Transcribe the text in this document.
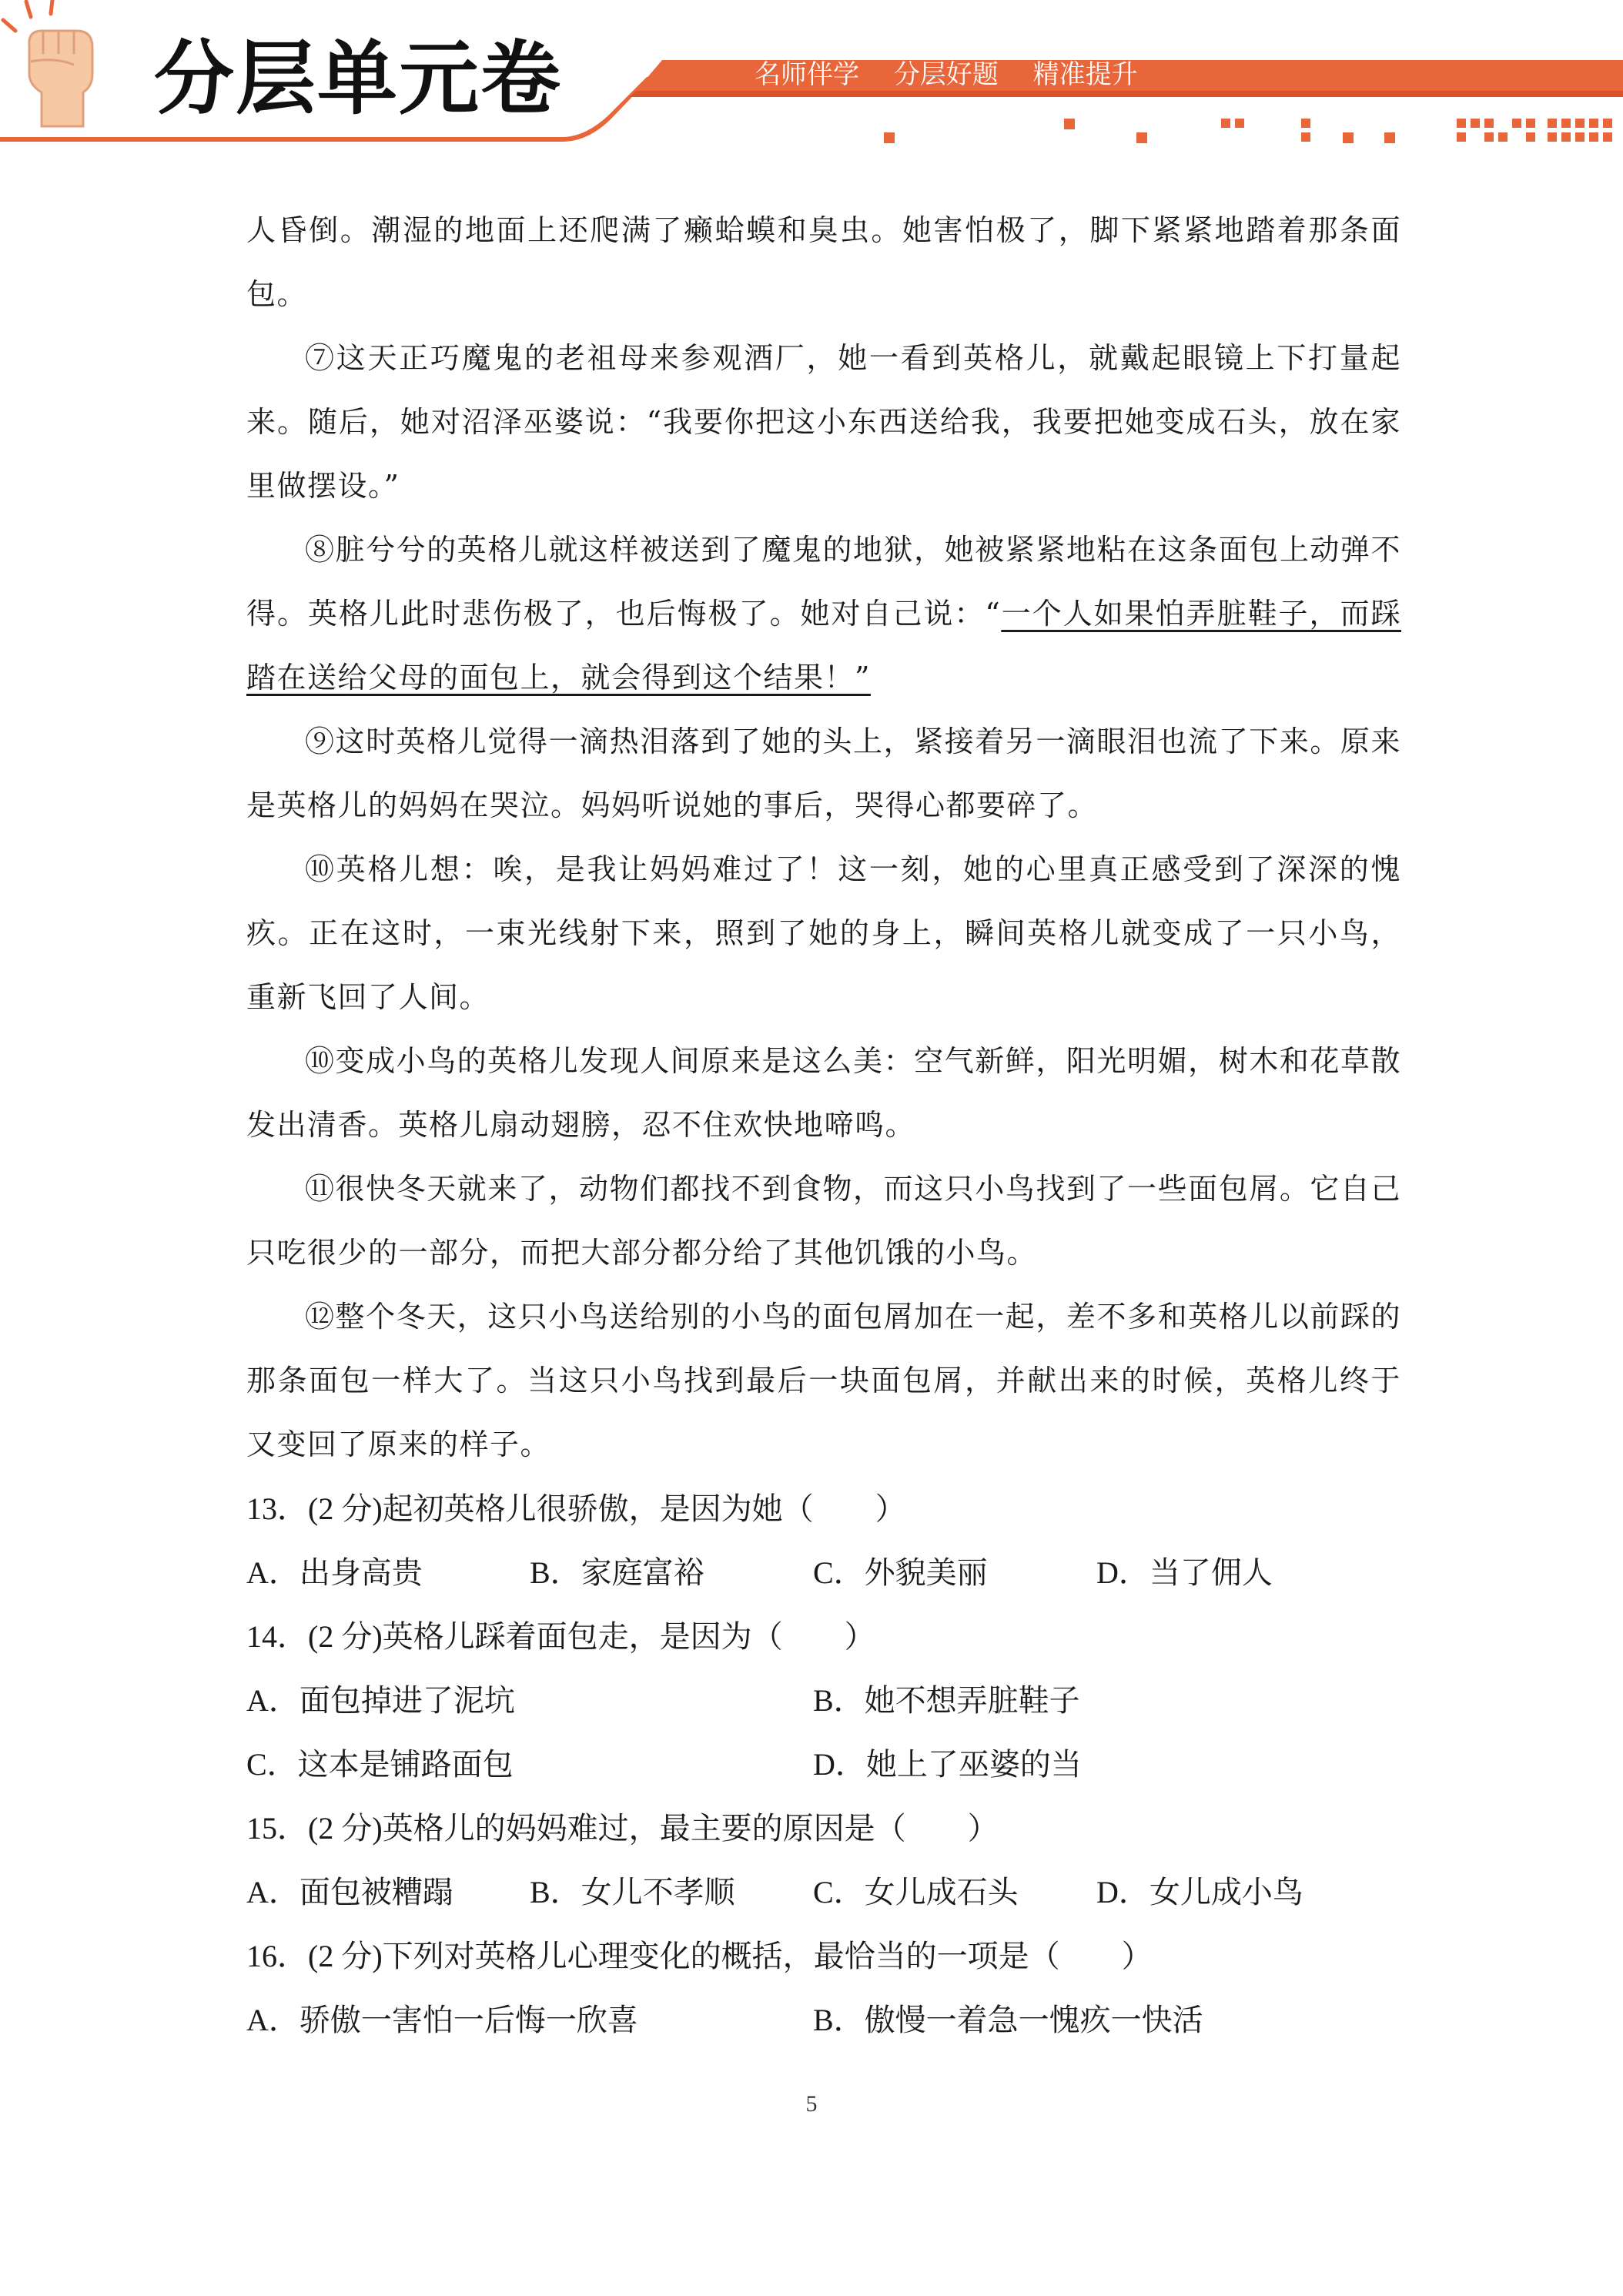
分层单元卷	名师伴学 分层好题 精准提升

人昏倒。潮湿的地面上还爬满了癞蛤蟆和臭虫。她害怕极了，脚下紧紧地踏着那条面包。

⑦这天正巧魔鬼的老祖母来参观酒厂，她一看到英格儿，就戴起眼镜上下打量起来。随后，她对沼泽巫婆说：“我要你把这小东西送给我，我要把她变成石头，放在家里做摆设。”

⑧脏兮兮的英格儿就这样被送到了魔鬼的地狱，她被紧紧地粘在这条面包上动弹不得。英格儿此时悲伤极了，也后悔极了。她对自己说：“一个人如果怕弄脏鞋子，而踩踏在送给父母的面包上，就会得到这个结果！”

⑨这时英格儿觉得一滴热泪落到了她的头上，紧接着另一滴眼泪也流了下来。原来是英格儿的妈妈在哭泣。妈妈听说她的事后，哭得心都要碎了。

⑩英格儿想：唉，是我让妈妈难过了！这一刻，她的心里真正感受到了深深的愧疚。正在这时，一束光线射下来，照到了她的身上，瞬间英格儿就变成了一只小鸟，重新飞回了人间。

⑩变成小鸟的英格儿发现人间原来是这么美：空气新鲜，阳光明媚，树木和花草散发出清香。英格儿扇动翅膀，忍不住欢快地啼鸣。

⑪很快冬天就来了，动物们都找不到食物，而这只小鸟找到了一些面包屑。它自己只吃很少的一部分，而把大部分都分给了其他饥饿的小鸟。

⑫整个冬天，这只小鸟送给别的小鸟的面包屑加在一起，差不多和英格儿以前踩的那条面包一样大了。当这只小鸟找到最后一块面包屑，并献出来的时候，英格儿终于又变回了原来的样子。

13．(2 分)起初英格儿很骄傲，是因为她（　　）

A．出身高贵	B．家庭富裕	C．外貌美丽	D．当了佣人

14．(2 分)英格儿踩着面包走，是因为（　　）

A．面包掉进了泥坑	B．她不想弄脏鞋子
C．这本是铺路面包	D．她上了巫婆的当

15．(2 分)英格儿的妈妈难过，最主要的原因是（　　）

A．面包被糟蹋	B．女儿不孝顺	C．女儿成石头	D．女儿成小鸟

16．(2 分)下列对英格儿心理变化的概括，最恰当的一项是（　　）

A．骄傲一害怕一后悔一欣喜	B．傲慢一着急一愧疚一快活
5
